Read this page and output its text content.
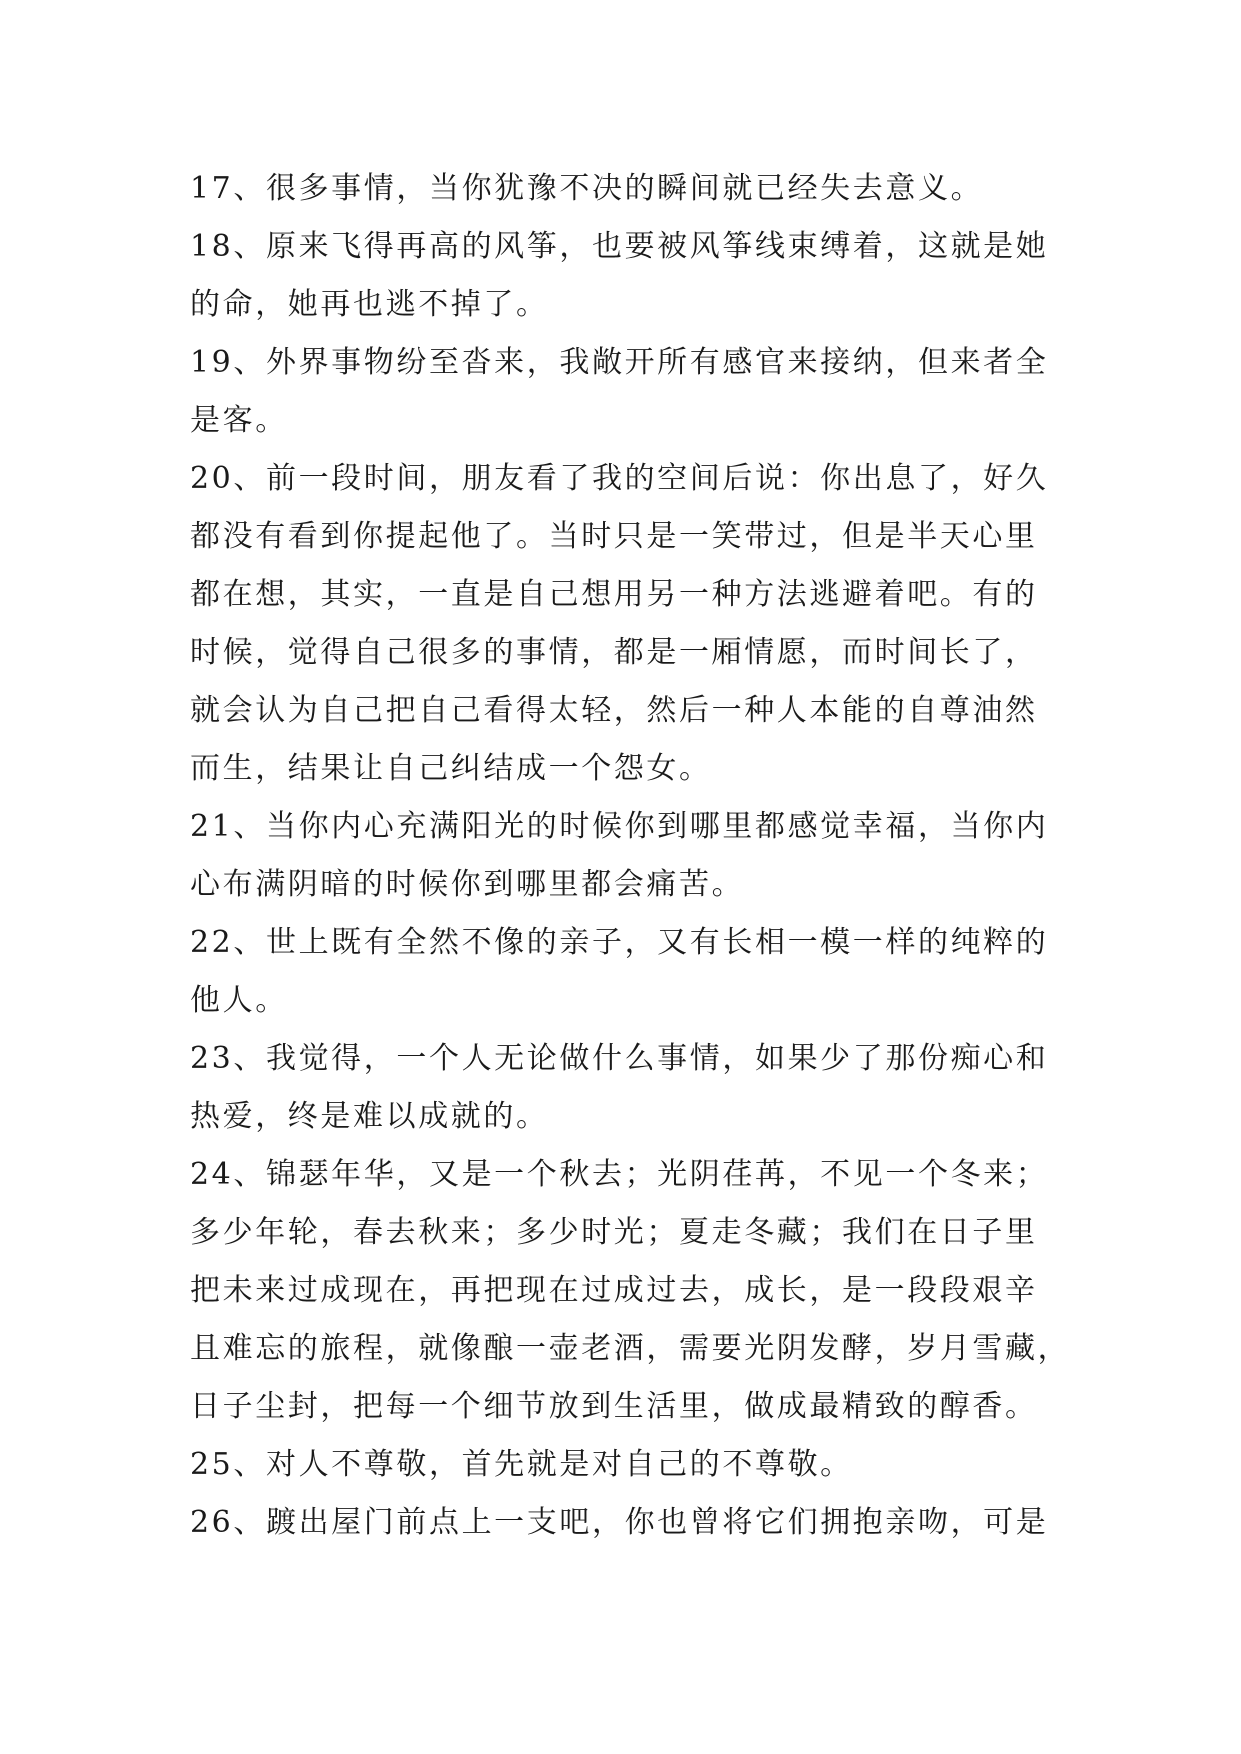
17、很多事情，当你犹豫不决的瞬间就已经失去意义。
18、原来飞得再高的风筝，也要被风筝线束缚着，这就是她
的命，她再也逃不掉了。
19、外界事物纷至沓来，我敞开所有感官来接纳，但来者全
是客。
20、前一段时间，朋友看了我的空间后说：你出息了，好久
都没有看到你提起他了。当时只是一笑带过，但是半天心里
都在想，其实，一直是自己想用另一种方法逃避着吧。有的
时候，觉得自己很多的事情，都是一厢情愿，而时间长了，
就会认为自己把自己看得太轻，然后一种人本能的自尊油然
而生，结果让自己纠结成一个怨女。
21、当你内心充满阳光的时候你到哪里都感觉幸福，当你内
心布满阴暗的时候你到哪里都会痛苦。
22、世上既有全然不像的亲子，又有长相一模一样的纯粹的
他人。
23、我觉得，一个人无论做什么事情，如果少了那份痴心和
热爱，终是难以成就的。
24、锦瑟年华，又是一个秋去；光阴荏苒，不见一个冬来；
多少年轮，春去秋来；多少时光；夏走冬藏；我们在日子里
把未来过成现在，再把现在过成过去，成长，是一段段艰辛
且难忘的旅程，就像酿一壶老酒，需要光阴发酵，岁月雪藏，
日子尘封，把每一个细节放到生活里，做成最精致的醇香。
25、对人不尊敬，首先就是对自己的不尊敬。
26、踱出屋门前点上一支吧，你也曾将它们拥抱亲吻，可是
